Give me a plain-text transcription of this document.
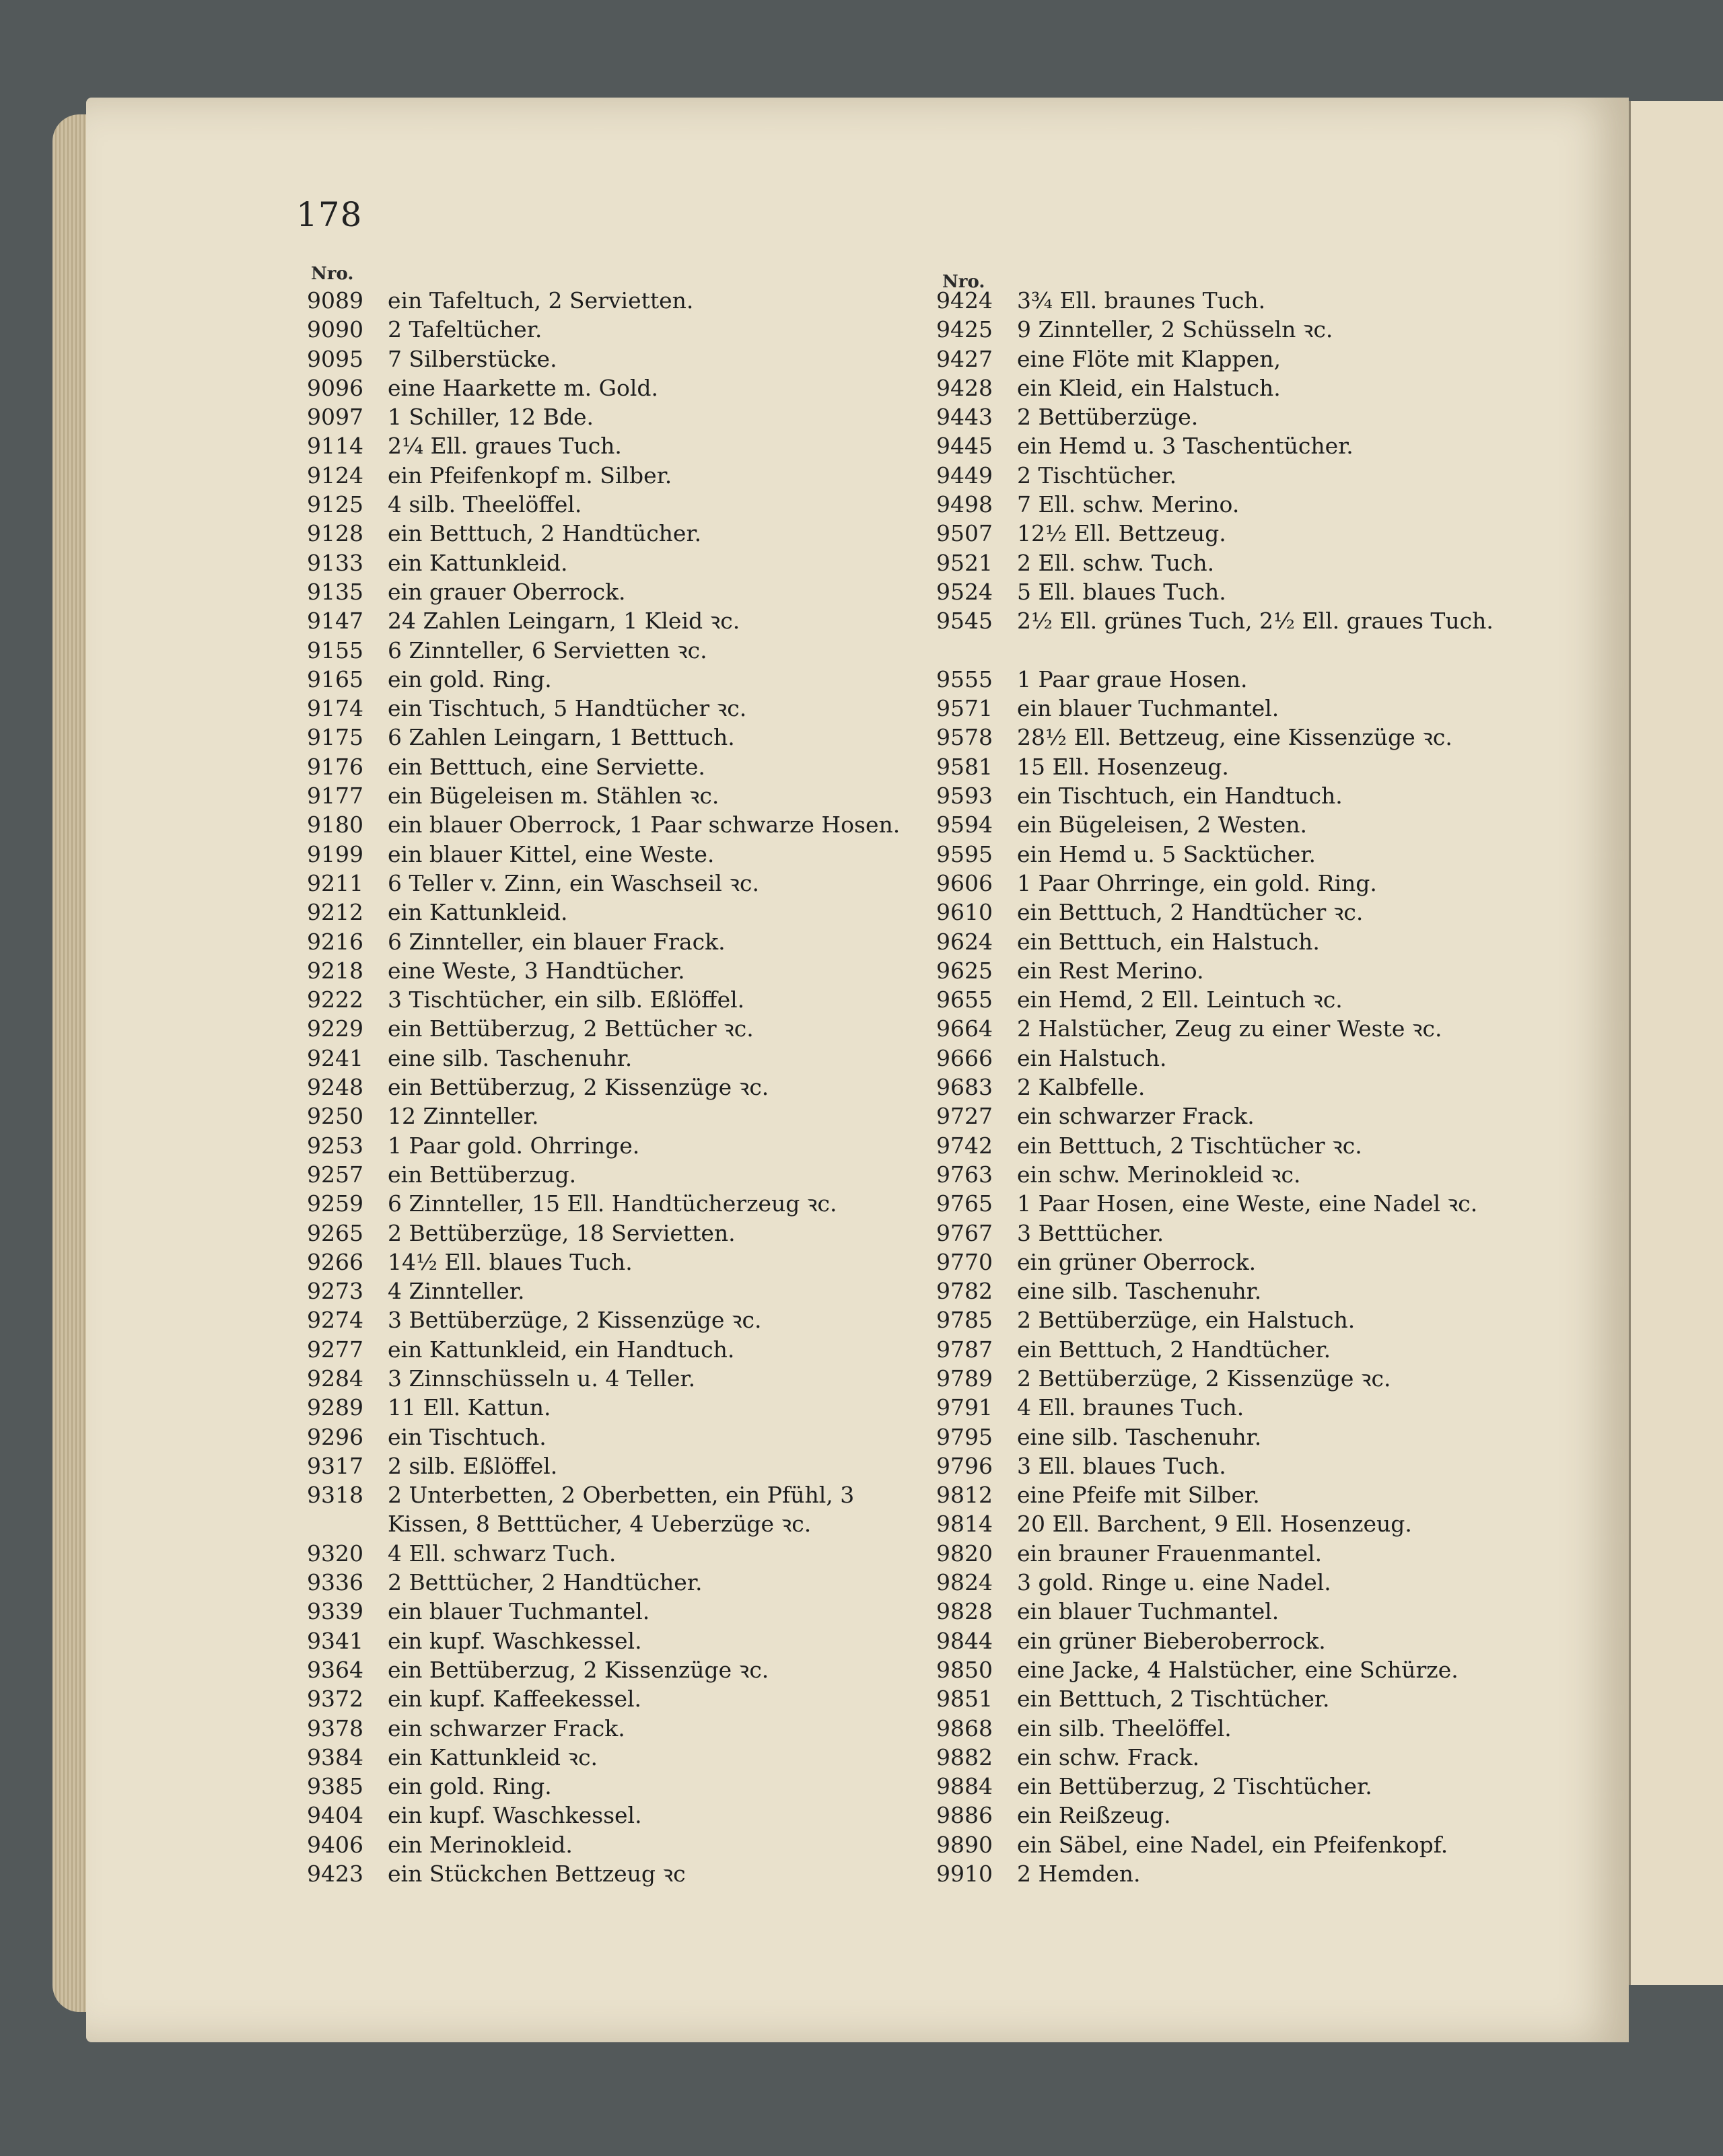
178
Nro.	Nro.
9089 ein Tafeltuch, 2 Servietten.
9090 2 Tafeltücher.
9095 7 Silberstücke.
9096 eine Haarkette m. Gold.
9097 1 Schiller, 12 Bde.
9114 2¼ Ell. graues Tuch.
9124 ein Pfeifenkopf m. Silber.
9125 4 silb. Theelöffel.
9128 ein Betttuch, 2 Handtücher.
9133 ein Kattunkleid.
9135 ein grauer Oberrock.
9147 24 Zahlen Leingarn, 1 Kleid ꝛc.
9155 6 Zinnteller, 6 Servietten ꝛc.
9165 ein gold. Ring.
9174 ein Tischtuch, 5 Handtücher ꝛc.
9175 6 Zahlen Leingarn, 1 Betttuch.
9176 ein Betttuch, eine Serviette.
9177 ein Bügeleisen m. Stählen ꝛc.
9180 ein blauer Oberrock, 1 Paar schwarze Hosen.
9199 ein blauer Kittel, eine Weste.
9211 6 Teller v. Zinn, ein Waschseil ꝛc.
9212 ein Kattunkleid.
9216 6 Zinnteller, ein blauer Frack.
9218 eine Weste, 3 Handtücher.
9222 3 Tischtücher, ein silb. Eßlöffel.
9229 ein Bettüberzug, 2 Bettücher ꝛc.
9241 eine silb. Taschenuhr.
9248 ein Bettüberzug, 2 Kissenzüge ꝛc.
9250 12 Zinnteller.
9253 1 Paar gold. Ohrringe.
9257 ein Bettüberzug.
9259 6 Zinnteller, 15 Ell. Handtücherzeug ꝛc.
9265 2 Bettüberzüge, 18 Servietten.
9266 14½ Ell. blaues Tuch.
9273 4 Zinnteller.
9274 3 Bettüberzüge, 2 Kissenzüge ꝛc.
9277 ein Kattunkleid, ein Handtuch.
9284 3 Zinnschüsseln u. 4 Teller.
9289 11 Ell. Kattun.
9296 ein Tischtuch.
9317 2 silb. Eßlöffel.
9318 2 Unterbetten, 2 Oberbetten, ein Pfühl, 3 Kissen, 8 Betttücher, 4 Ueberzüge ꝛc.
9320 4 Ell. schwarz Tuch.
9336 2 Betttücher, 2 Handtücher.
9339 ein blauer Tuchmantel.
9341 ein kupf. Waschkessel.
9364 ein Bettüberzug, 2 Kissenzüge ꝛc.
9372 ein kupf. Kaffeekessel.
9378 ein schwarzer Frack.
9384 ein Kattunkleid ꝛc.
9385 ein gold. Ring.
9404 ein kupf. Waschkessel.
9406 ein Merinokleid.
9423 ein Stückchen Bettzeug ꝛc
9424 3¾ Ell. braunes Tuch.
9425 9 Zinnteller, 2 Schüsseln ꝛc.
9427 eine Flöte mit Klappen,
9428 ein Kleid, ein Halstuch.
9443 2 Bettüberzüge.
9445 ein Hemd u. 3 Taschentücher.
9449 2 Tischtücher.
9498 7 Ell. schw. Merino.
9507 12½ Ell. Bettzeug.
9521 2 Ell. schw. Tuch.
9524 5 Ell. blaues Tuch.
9545 2½ Ell. grünes Tuch, 2½ Ell. graues Tuch.
9555 1 Paar graue Hosen.
9571 ein blauer Tuchmantel.
9578 28½ Ell. Bettzeug, eine Kissenzüge ꝛc.
9581 15 Ell. Hosenzeug.
9593 ein Tischtuch, ein Handtuch.
9594 ein Bügeleisen, 2 Westen.
9595 ein Hemd u. 5 Sacktücher.
9606 1 Paar Ohrringe, ein gold. Ring.
9610 ein Betttuch, 2 Handtücher ꝛc.
9624 ein Betttuch, ein Halstuch.
9625 ein Rest Merino.
9655 ein Hemd, 2 Ell. Leintuch ꝛc.
9664 2 Halstücher, Zeug zu einer Weste ꝛc.
9666 ein Halstuch.
9683 2 Kalbfelle.
9727 ein schwarzer Frack.
9742 ein Betttuch, 2 Tischtücher ꝛc.
9763 ein schw. Merinokleid ꝛc.
9765 1 Paar Hosen, eine Weste, eine Nadel ꝛc.
9767 3 Betttücher.
9770 ein grüner Oberrock.
9782 eine silb. Taschenuhr.
9785 2 Bettüberzüge, ein Halstuch.
9787 ein Betttuch, 2 Handtücher.
9789 2 Bettüberzüge, 2 Kissenzüge ꝛc.
9791 4 Ell. braunes Tuch.
9795 eine silb. Taschenuhr.
9796 3 Ell. blaues Tuch.
9812 eine Pfeife mit Silber.
9814 20 Ell. Barchent, 9 Ell. Hosenzeug.
9820 ein brauner Frauenmantel.
9824 3 gold. Ringe u. eine Nadel.
9828 ein blauer Tuchmantel.
9844 ein grüner Bieberoberrock.
9850 eine Jacke, 4 Halstücher, eine Schürze.
9851 ein Betttuch, 2 Tischtücher.
9868 ein silb. Theelöffel.
9882 ein schw. Frack.
9884 ein Bettüberzug, 2 Tischtücher.
9886 ein Reißzeug.
9890 ein Säbel, eine Nadel, ein Pfeifenkopf.
9910 2 Hemden.
